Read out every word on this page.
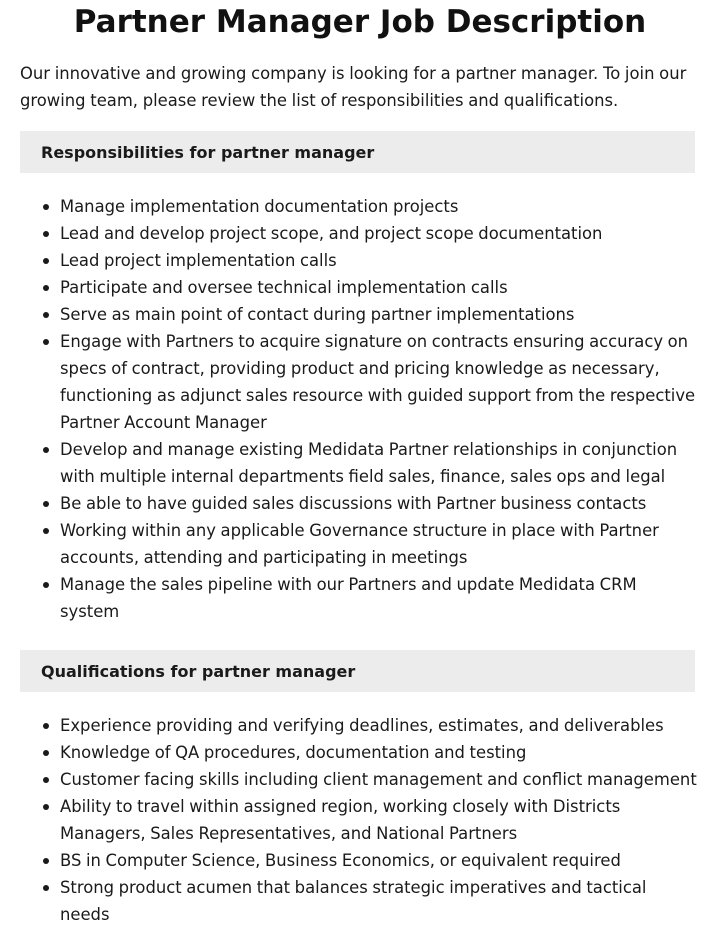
Partner Manager Job Description

Our innovative and growing company is looking for a partner manager. To join our growing team, please review the list of responsibilities and qualifications.

Responsibilities for partner manager
Manage implementation documentation projects
Lead and develop project scope, and project scope documentation
Lead project implementation calls
Participate and oversee technical implementation calls
Serve as main point of contact during partner implementations
Engage with Partners to acquire signature on contracts ensuring accuracy on specs of contract, providing product and pricing knowledge as necessary, functioning as adjunct sales resource with guided support from the respective Partner Account Manager
Develop and manage existing Medidata Partner relationships in conjunction with multiple internal departments field sales, finance, sales ops and legal
Be able to have guided sales discussions with Partner business contacts
Working within any applicable Governance structure in place with Partner accounts, attending and participating in meetings
Manage the sales pipeline with our Partners and update Medidata CRM system
Qualifications for partner manager
Experience providing and verifying deadlines, estimates, and deliverables
Knowledge of QA procedures, documentation and testing
Customer facing skills including client management and conflict management
Ability to travel within assigned region, working closely with Districts Managers, Sales Representatives, and National Partners
BS in Computer Science, Business Economics, or equivalent required
Strong product acumen that balances strategic imperatives and tactical needs
